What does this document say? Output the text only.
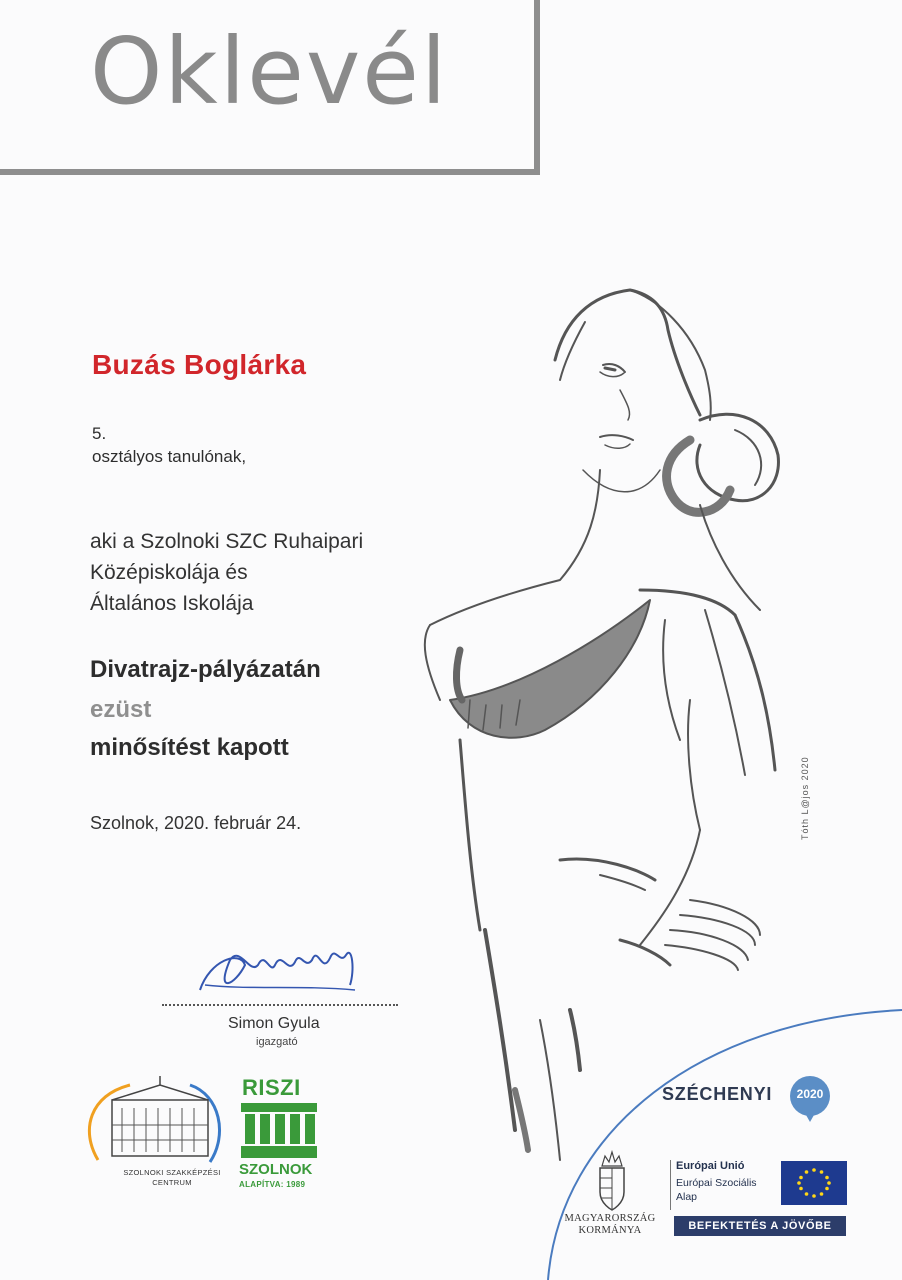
Oklevél
Buzás Boglárka
5.
osztályos tanulónak,
aki a Szolnoki SZC Ruhaipari
Középiskolája és
Általános Iskolája
Divatrajz-pályázatán
ezüst
minősítést kapott
Szolnok, 2020. február 24.
Simon Gyula
igazgató
Tóth L@jos 2020
SZOLNOKI SZAKKÉPZÉSI
CENTRUM
RISZI
SZOLNOK
ALAPÍTVA: 1989
SZÉCHENYI	2020
MAGYARORSZÁG
KORMÁNYA
Európai Unió
Európai Szociális
Alap
BEFEKTETÉS A JÖVŐBE
